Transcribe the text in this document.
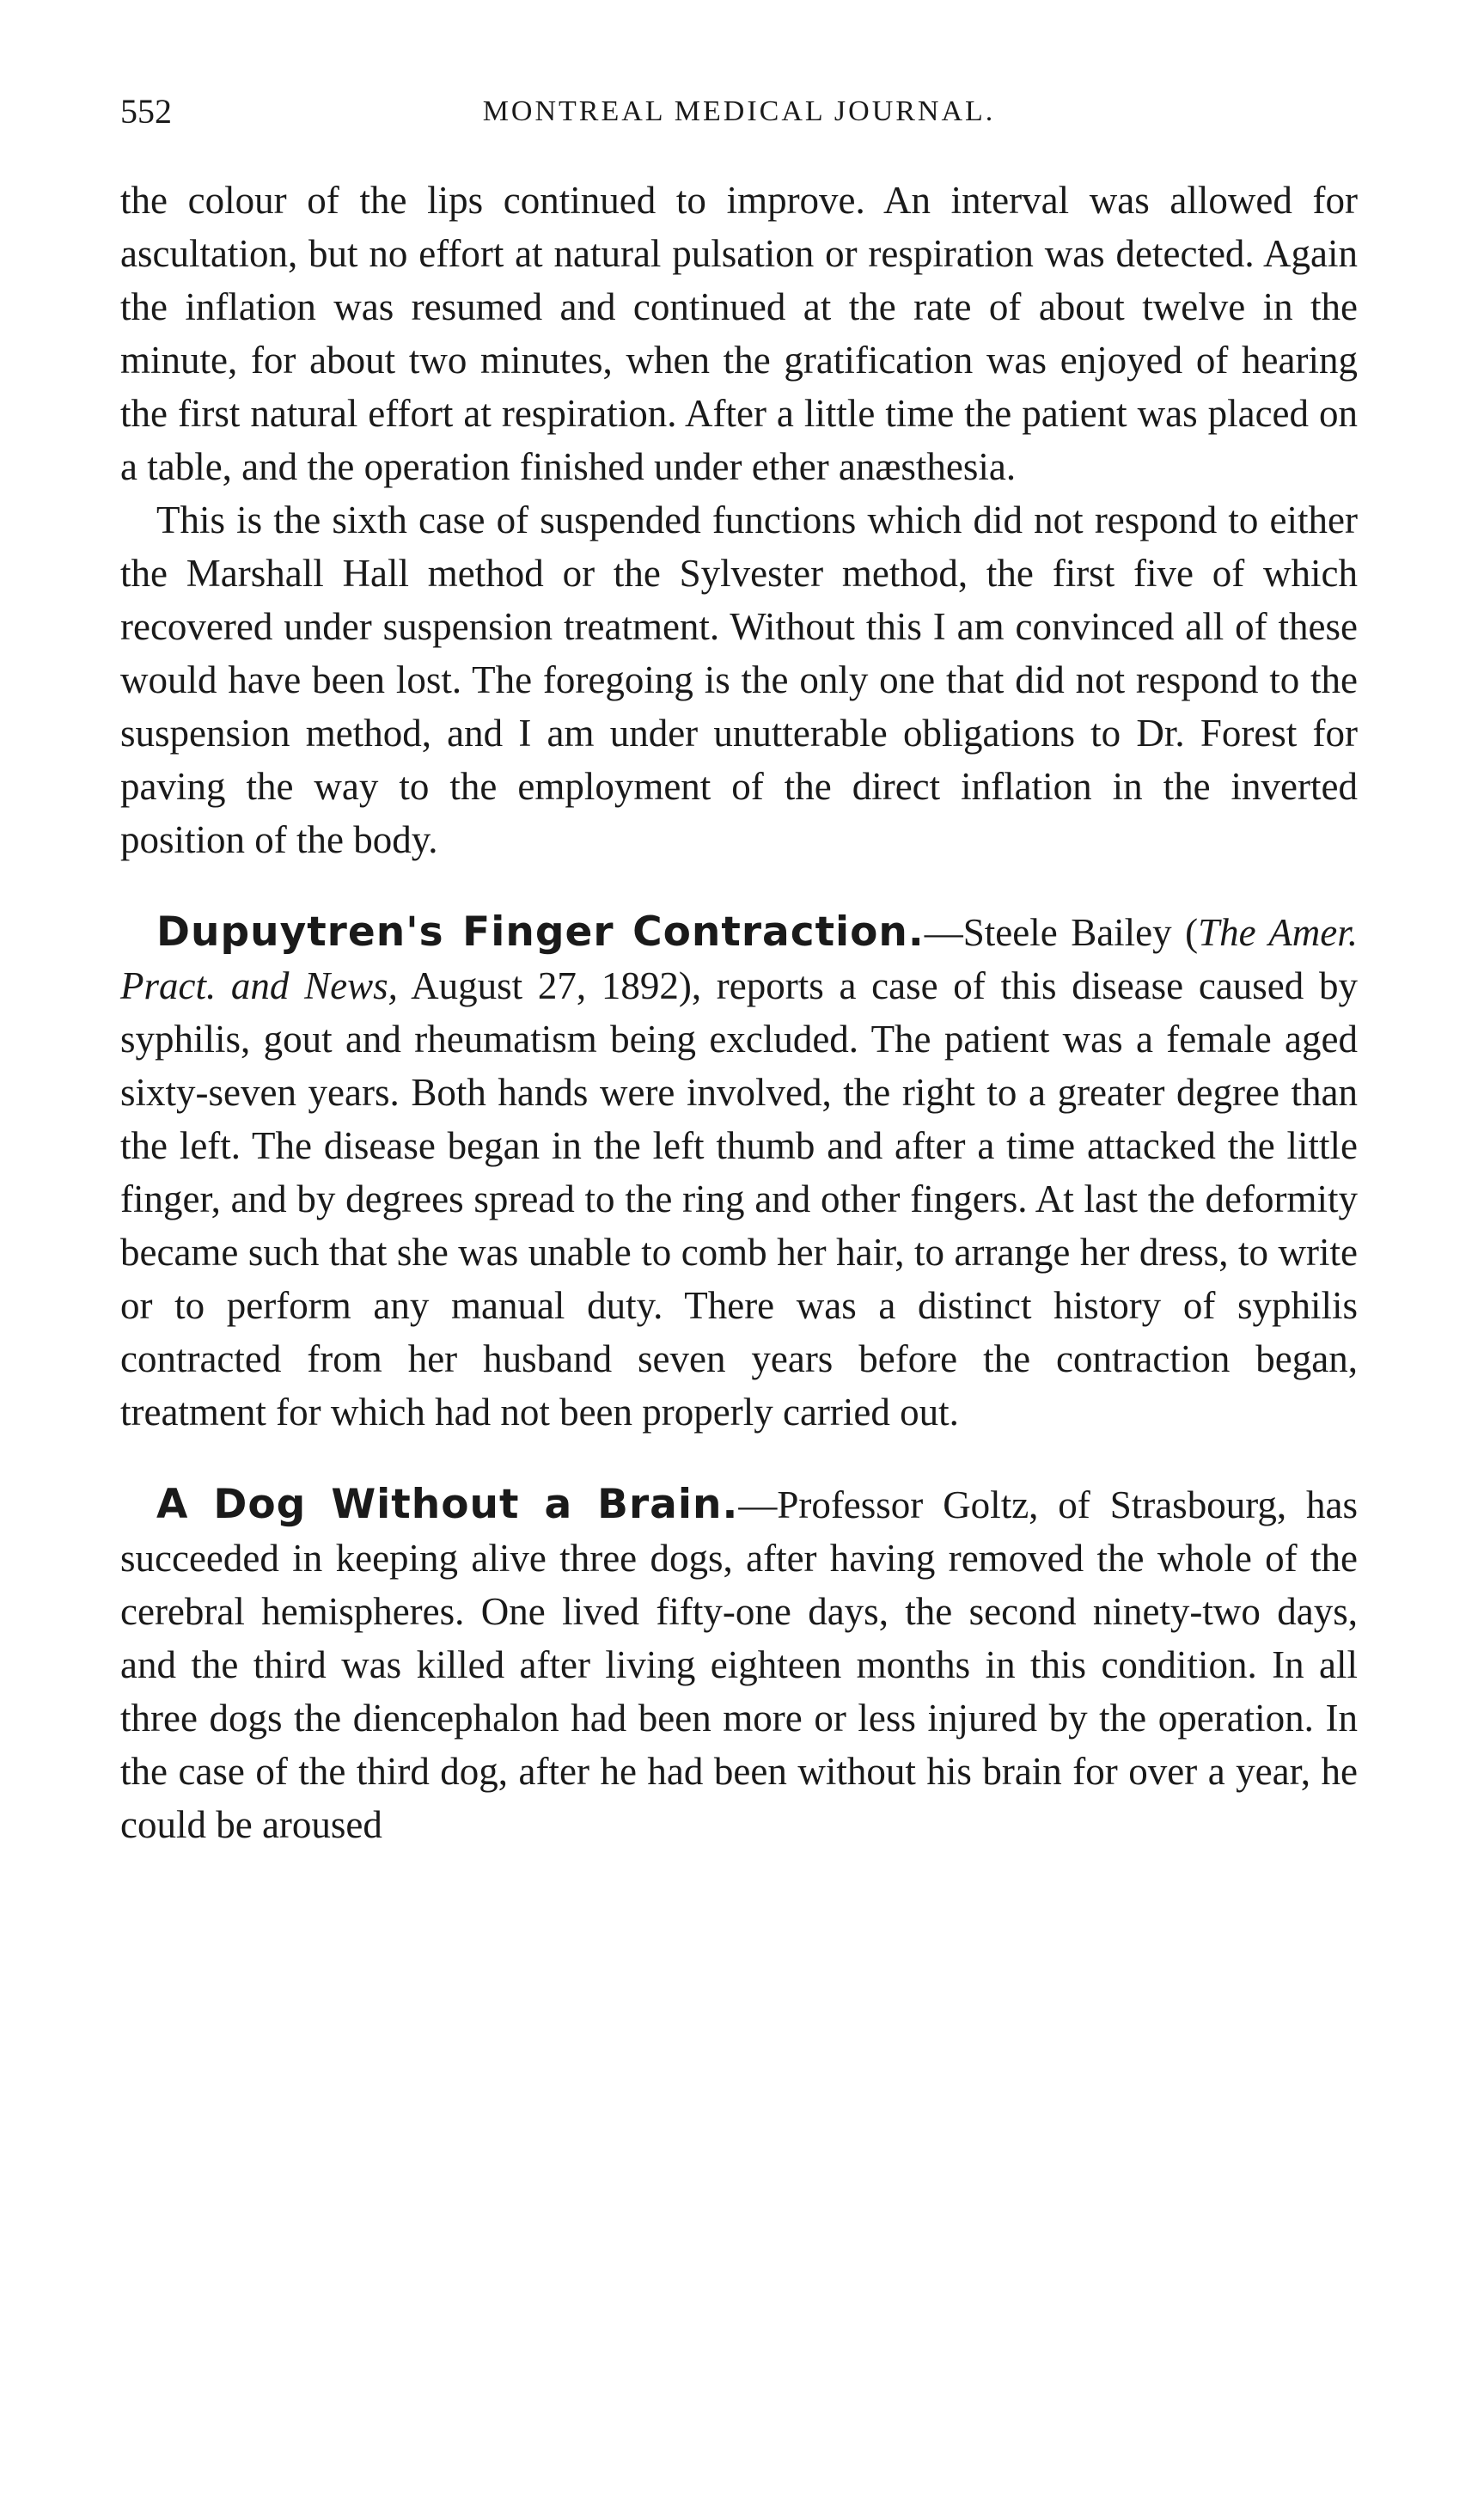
552	MONTREAL MEDICAL JOURNAL.

the colour of the lips continued to improve. An interval was allowed for ascultation, but no effort at natural pulsation or respiration was detected. Again the inflation was resumed and continued at the rate of about twelve in the minute, for about two minutes, when the gratification was enjoyed of hearing the first natural effort at respiration. After a little time the patient was placed on a table, and the operation finished under ether anæsthesia.

This is the sixth case of suspended functions which did not respond to either the Marshall Hall method or the Sylvester method, the first five of which recovered under suspension treatment. Without this I am convinced all of these would have been lost. The foregoing is the only one that did not respond to the suspension method, and I am under unutterable obligations to Dr. Forest for paving the way to the employment of the direct inflation in the inverted position of the body.

Dupuytren's Finger Contraction.—Steele Bailey (The Amer. Pract. and News, August 27, 1892), reports a case of this disease caused by syphilis, gout and rheumatism being excluded. The patient was a female aged sixty-seven years. Both hands were involved, the right to a greater degree than the left. The disease began in the left thumb and after a time attacked the little finger, and by degrees spread to the ring and other fingers. At last the deformity became such that she was unable to comb her hair, to arrange her dress, to write or to perform any manual duty. There was a distinct history of syphilis contracted from her husband seven years before the contraction began, treatment for which had not been properly carried out.

A Dog Without a Brain.—Professor Goltz, of Strasbourg, has succeeded in keeping alive three dogs, after having removed the whole of the cerebral hemispheres. One lived fifty-one days, the second ninety-two days, and the third was killed after living eighteen months in this condition. In all three dogs the diencephalon had been more or less injured by the operation. In the case of the third dog, after he had been without his brain for over a year, he could be aroused
